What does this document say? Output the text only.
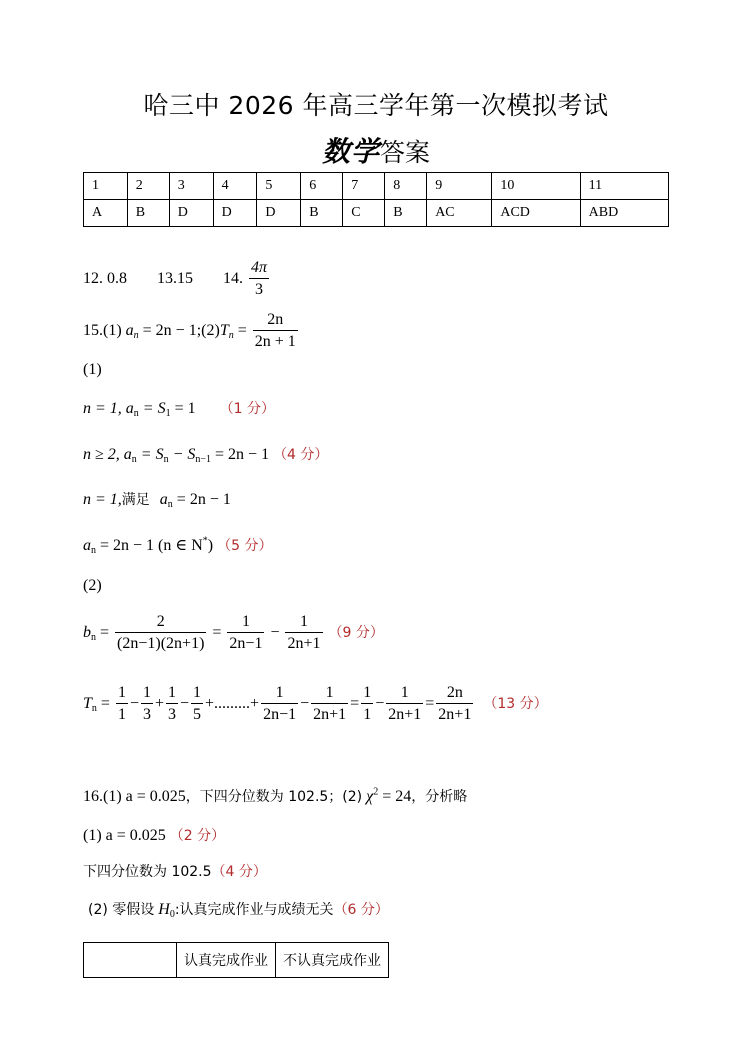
哈三中 2026 年高三学年第一次模拟考试
数学答案
1	2	3	4	5	6	7	8	9	10	11
A	B	D	D	D	B	C	B	AC	ACD	ABD
12. 0.8 13.15 14. $\frac{4\pi}{3}$
15.(1) $a_n = 2n$ − $1;(2)T_n = \frac{2n}{2n + 1}$
(1)
n = 1, $a_n = S_1 = 1$ （1 分）
n ≥ 2, $a_n = S_n - S_{n-1} = 2n - 1$ （4 分）
n = 1,满足 $a_n = 2n - 1$
$a_n = 2n - 1$ (n ∈ N*) （5 分）
(2)
$b_n = \frac{2}{(2n-1)(2n+1)} = \frac{1}{2n-1} - \frac{1}{2n+1} (9$ 分）
$T_n = \frac{1}{1} - \frac{1}{3} + \frac{1}{3} - \frac{1}{5}$ +.........+ $\frac{1}{2n-1} - \frac{1}{2n+1} = \frac{1}{1} - \frac{1}{2n+1} = \frac{2n}{2n+1} (13$ 分）
16.(1) a = 0.025，下四分位数为 102.5；(2) $\chi^2 = 24$，分析略
(1) a = 0.025 （2 分）
下四分位数为 102.5（4 分）
(2) 零假设 $H_0$:认真完成作业与成绩无关（6 分）
	认真完成作业	不认真完成作业
